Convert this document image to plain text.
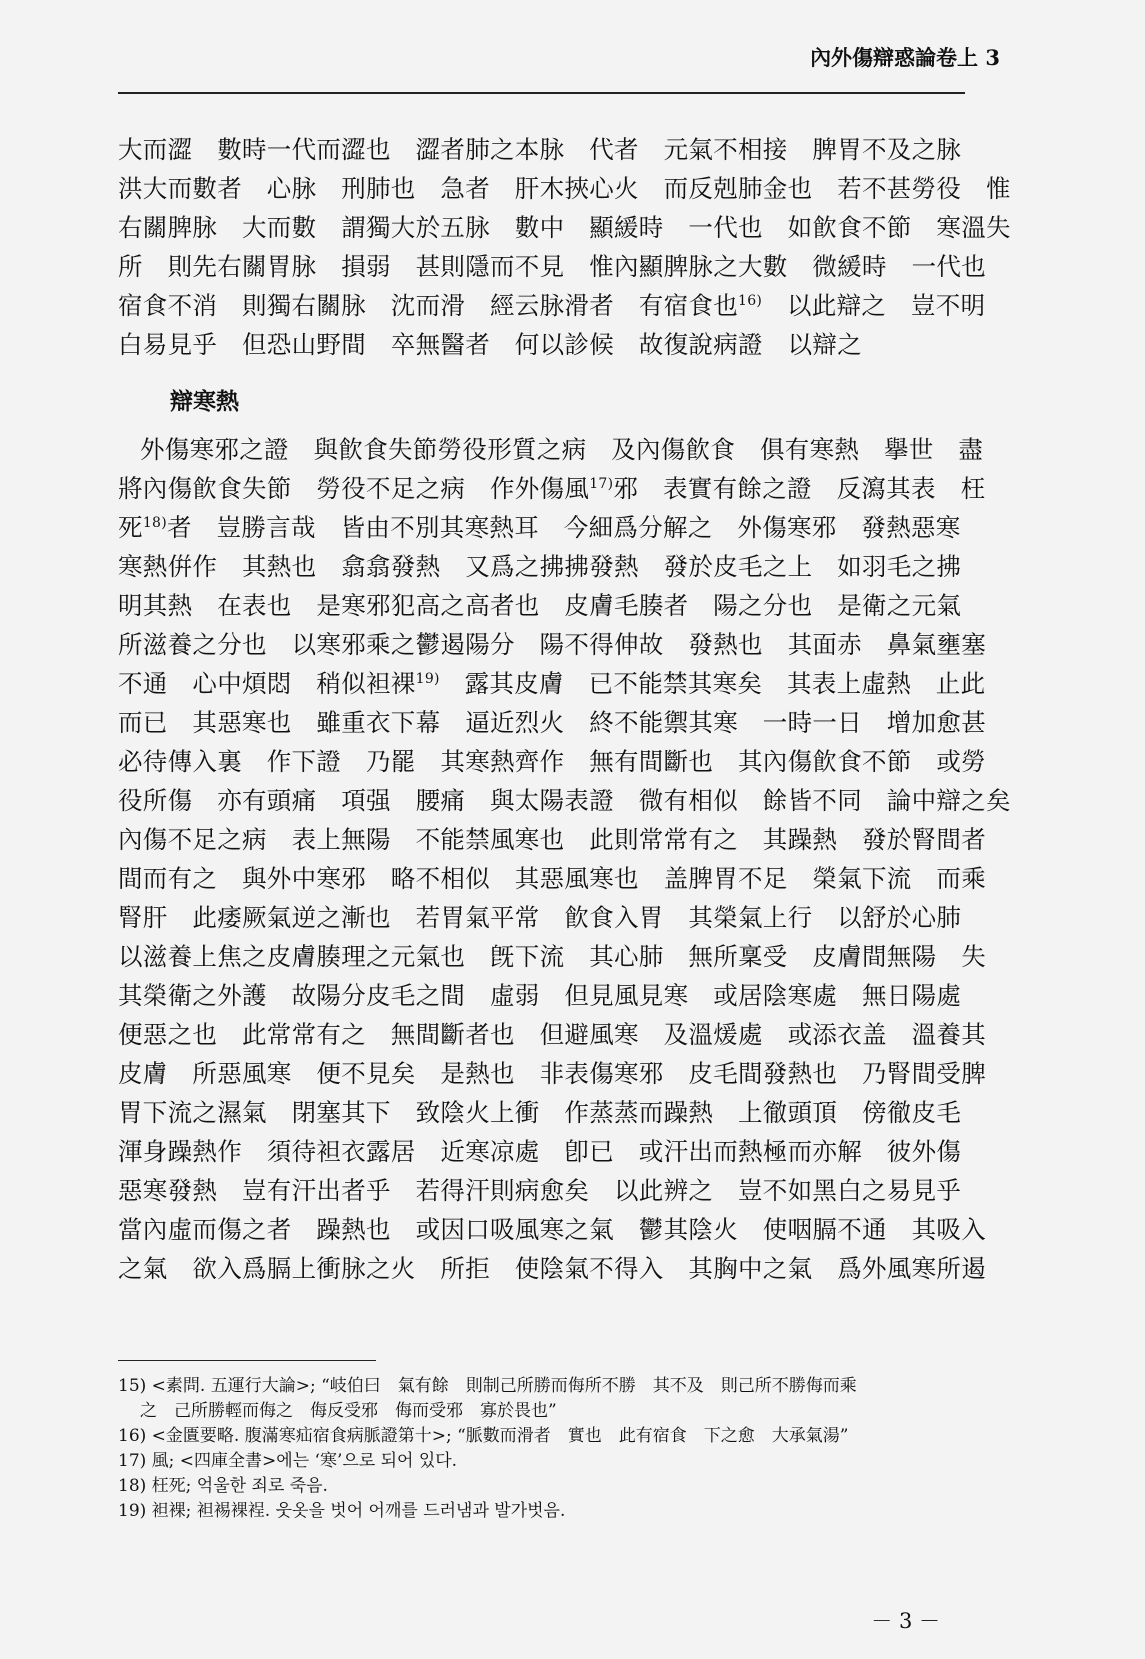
內外傷辯惑論卷上 3
大而澀　數時一代而澀也　澀者肺之本脉　代者　元氣不相接　脾胃不及之脉
洪大而數者　心脉　刑肺也　急者　肝木挾心火　而反剋肺金也　若不甚勞役　惟
右關脾脉　大而數　謂獨大於五脉　數中　顯緩時　一代也　如飮食不節　寒溫失
所　則先右關胃脉　損弱　甚則隱而不見　惟內顯脾脉之大數　微緩時　一代也
宿食不消　則獨右關脉　沈而滑　經云脉滑者　有宿食也$^{16)}$　以此辯之　豈不明
白易見乎　但恐山野間　卒無醫者　何以診候　故復說病證　以辯之
辯寒熱
外傷寒邪之證　與飮食失節勞役形質之病　及內傷飮食　俱有寒熱　擧世　盡
將內傷飮食失節　勞役不足之病　作外傷風$^{17)}$邪　表實有餘之證　反瀉其表　枉
死$^{18)}$者　豈勝言哉　皆由不別其寒熱耳　今細爲分解之　外傷寒邪　發熱惡寒
寒熱倂作　其熱也　翕翕發熱　又爲之拂拂發熱　發於皮毛之上　如羽毛之拂
明其熱　在表也　是寒邪犯高之高者也　皮膚毛腠者　陽之分也　是衛之元氣
所滋養之分也　以寒邪乘之鬱遏陽分　陽不得伸故　發熱也　其面赤　鼻氣壅塞
不通　心中煩悶　稍似袒裸$^{19)}$　露其皮膚　已不能禁其寒矣　其表上虛熱　止此
而已　其惡寒也　雖重衣下幕　逼近烈火　終不能禦其寒　一時一日　增加愈甚
必待傳入裏　作下證　乃罷　其寒熱齊作　無有間斷也　其內傷飮食不節　或勞
役所傷　亦有頭痛　項强　腰痛　與太陽表證　微有相似　餘皆不同　論中辯之矣
內傷不足之病　表上無陽　不能禁風寒也　此則常常有之　其躁熱　發於腎間者
間而有之　與外中寒邪　略不相似　其惡風寒也　盖脾胃不足　榮氣下流　而乘
腎肝　此痿厥氣逆之漸也　若胃氣平常　飮食入胃　其榮氣上行　以舒於心肺
以滋養上焦之皮膚腠理之元氣也　旣下流　其心肺　無所稟受　皮膚間無陽　失
其榮衛之外護　故陽分皮毛之間　虛弱　但見風見寒　或居陰寒處　無日陽處
便惡之也　此常常有之　無間斷者也　但避風寒　及溫煖處　或添衣盖　溫養其
皮膚　所惡風寒　便不見矣　是熱也　非表傷寒邪　皮毛間發熱也　乃腎間受脾
胃下流之濕氣　閉塞其下　致陰火上衝　作蒸蒸而躁熱　上徹頭頂　傍徹皮毛
渾身躁熱作　須待袒衣露居　近寒凉處　卽已　或汗出而熱極而亦解　彼外傷
惡寒發熱　豈有汗出者乎　若得汗則病愈矣　以此辨之　豈不如黑白之易見乎
當內虛而傷之者　躁熱也　或因口吸風寒之氣　鬱其陰火　使咽膈不通　其吸入
之氣　欲入爲膈上衝脉之火　所拒　使陰氣不得入　其胸中之氣　爲外風寒所遏
15) <素問. 五運行大論>; “岐伯曰　氣有餘　則制己所勝而侮所不勝　其不及　則己所不勝侮而乘
之　己所勝輕而侮之　侮反受邪　侮而受邪　寡於畏也”
16) <金匱要略. 腹滿寒疝宿食病脈證第十>; “脈數而滑者　實也　此有宿食　下之愈　大承氣湯”
17) 風; <四庫全書>에는 ‘寒’으로 되어 있다.
18) 枉死; 억울한 죄로 죽음.
19) 袒裸; 袒裼裸裎. 웃옷을 벗어 어깨를 드러냄과 발가벗음.
－ 3 －
